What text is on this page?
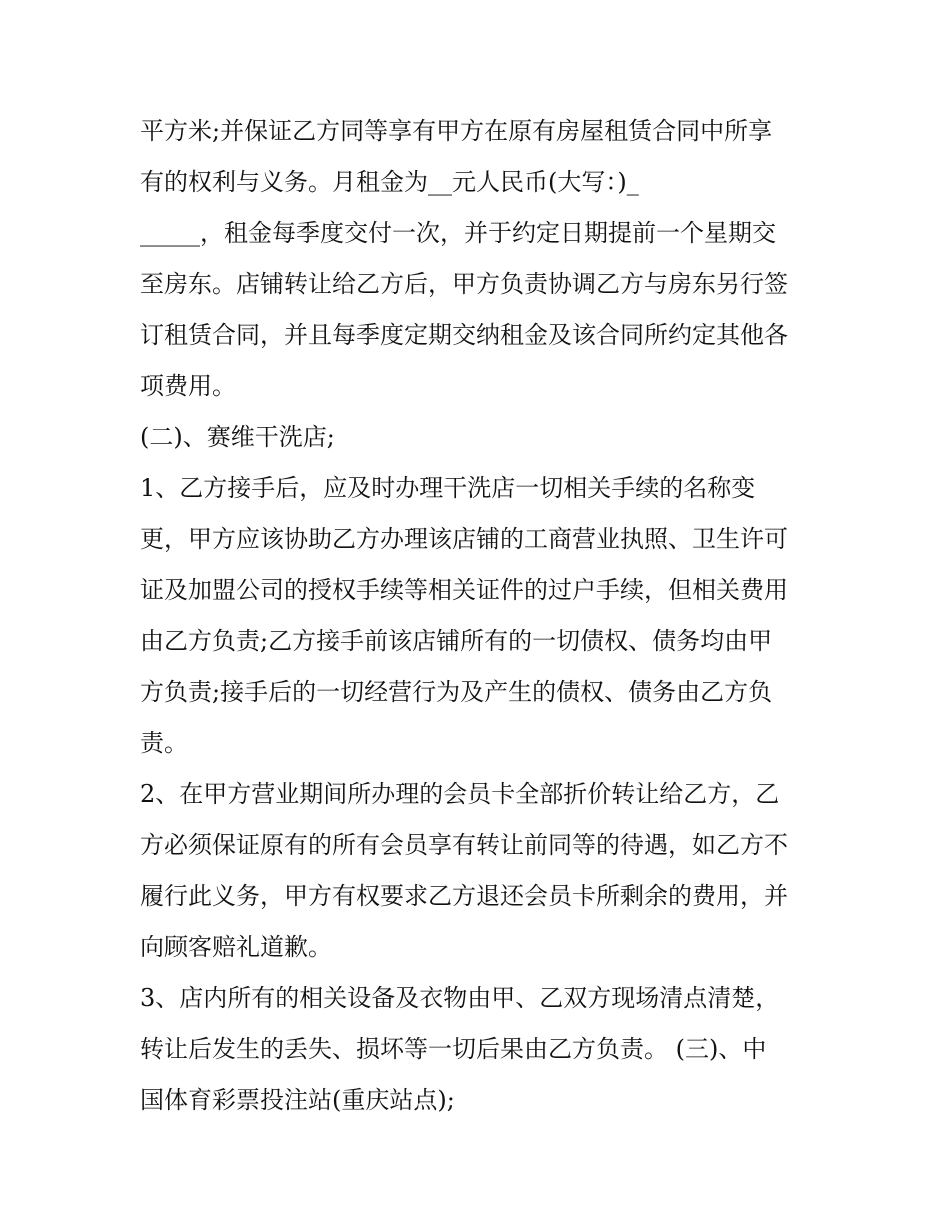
平方米;并保证乙方同等享有甲方在原有房屋租赁合同中所享

有的权利与义务。月租金为__元人民币(大写：)_

_____，租金每季度交付一次，并于约定日期提前一个星期交

至房东。店铺转让给乙方后，甲方负责协调乙方与房东另行签

订租赁合同，并且每季度定期交纳租金及该合同所约定其他各

项费用。

(二)、赛维干洗店;

1、乙方接手后，应及时办理干洗店一切相关手续的名称变

更，甲方应该协助乙方办理该店铺的工商营业执照、卫生许可

证及加盟公司的授权手续等相关证件的过户手续，但相关费用

由乙方负责;乙方接手前该店铺所有的一切债权、债务均由甲

方负责;接手后的一切经营行为及产生的债权、债务由乙方负

责。

2、在甲方营业期间所办理的会员卡全部折价转让给乙方，乙

方必须保证原有的所有会员享有转让前同等的待遇，如乙方不

履行此义务，甲方有权要求乙方退还会员卡所剩余的费用，并

向顾客赔礼道歉。

3、店内所有的相关设备及衣物由甲、乙双方现场清点清楚，

转让后发生的丢失、损坏等一切后果由乙方负责。 (三)、中

国体育彩票投注站(重庆站点);
